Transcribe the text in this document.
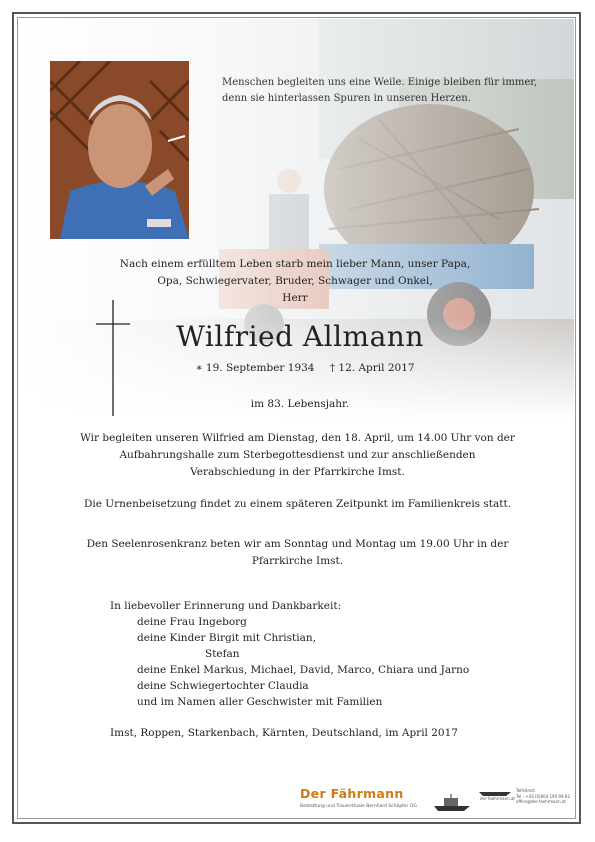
Menschen begleiten uns eine Weile. Einige bleiben für immer,
denn sie hinterlassen Spuren in unseren Herzen.
Nach einem erfülltem Leben starb mein lieber Mann, unser Papa,
Opa, Schwiegervater, Bruder, Schwager und Onkel,
Herr
Wilfried Allmann
∗ 19. September 1934 † 12. April 2017
im 83. Lebensjahr.
Wir begleiten unseren Wilfried am Dienstag, den 18. April, um 14.00 Uhr von der
Aufbahrungshalle zum Sterbegottesdienst und zur anschließenden
Verabschiedung in der Pfarrkirche Imst.
Die Urnenbeisetzung findet zu einem späteren Zeitpunkt im Familienkreis statt.
Den Seelenrosenkranz beten wir am Sonntag und Montag um 19.00 Uhr in der
Pfarrkirche Imst.
In liebevoller Erinnerung und Dankbarkeit:
deine Frau Ingeborg
deine Kinder Birgit mit Christian,
Stefan
deine Enkel Markus, Michael, David, Marco, Chiara und Jarno
deine Schwiegertochter Claudia
und im Namen aller Geschwister mit Familien
Imst, Roppen, Starkenbach, Kärnten, Deutschland, im April 2017
Der Fährmann
Bestattung und Trauerrituale Bernhard Schöpfer OG
der-faehrmann.at
Telfs/Imst
Tel.: +43 (0)664 195 99 62
office@der-faehrmann.at
